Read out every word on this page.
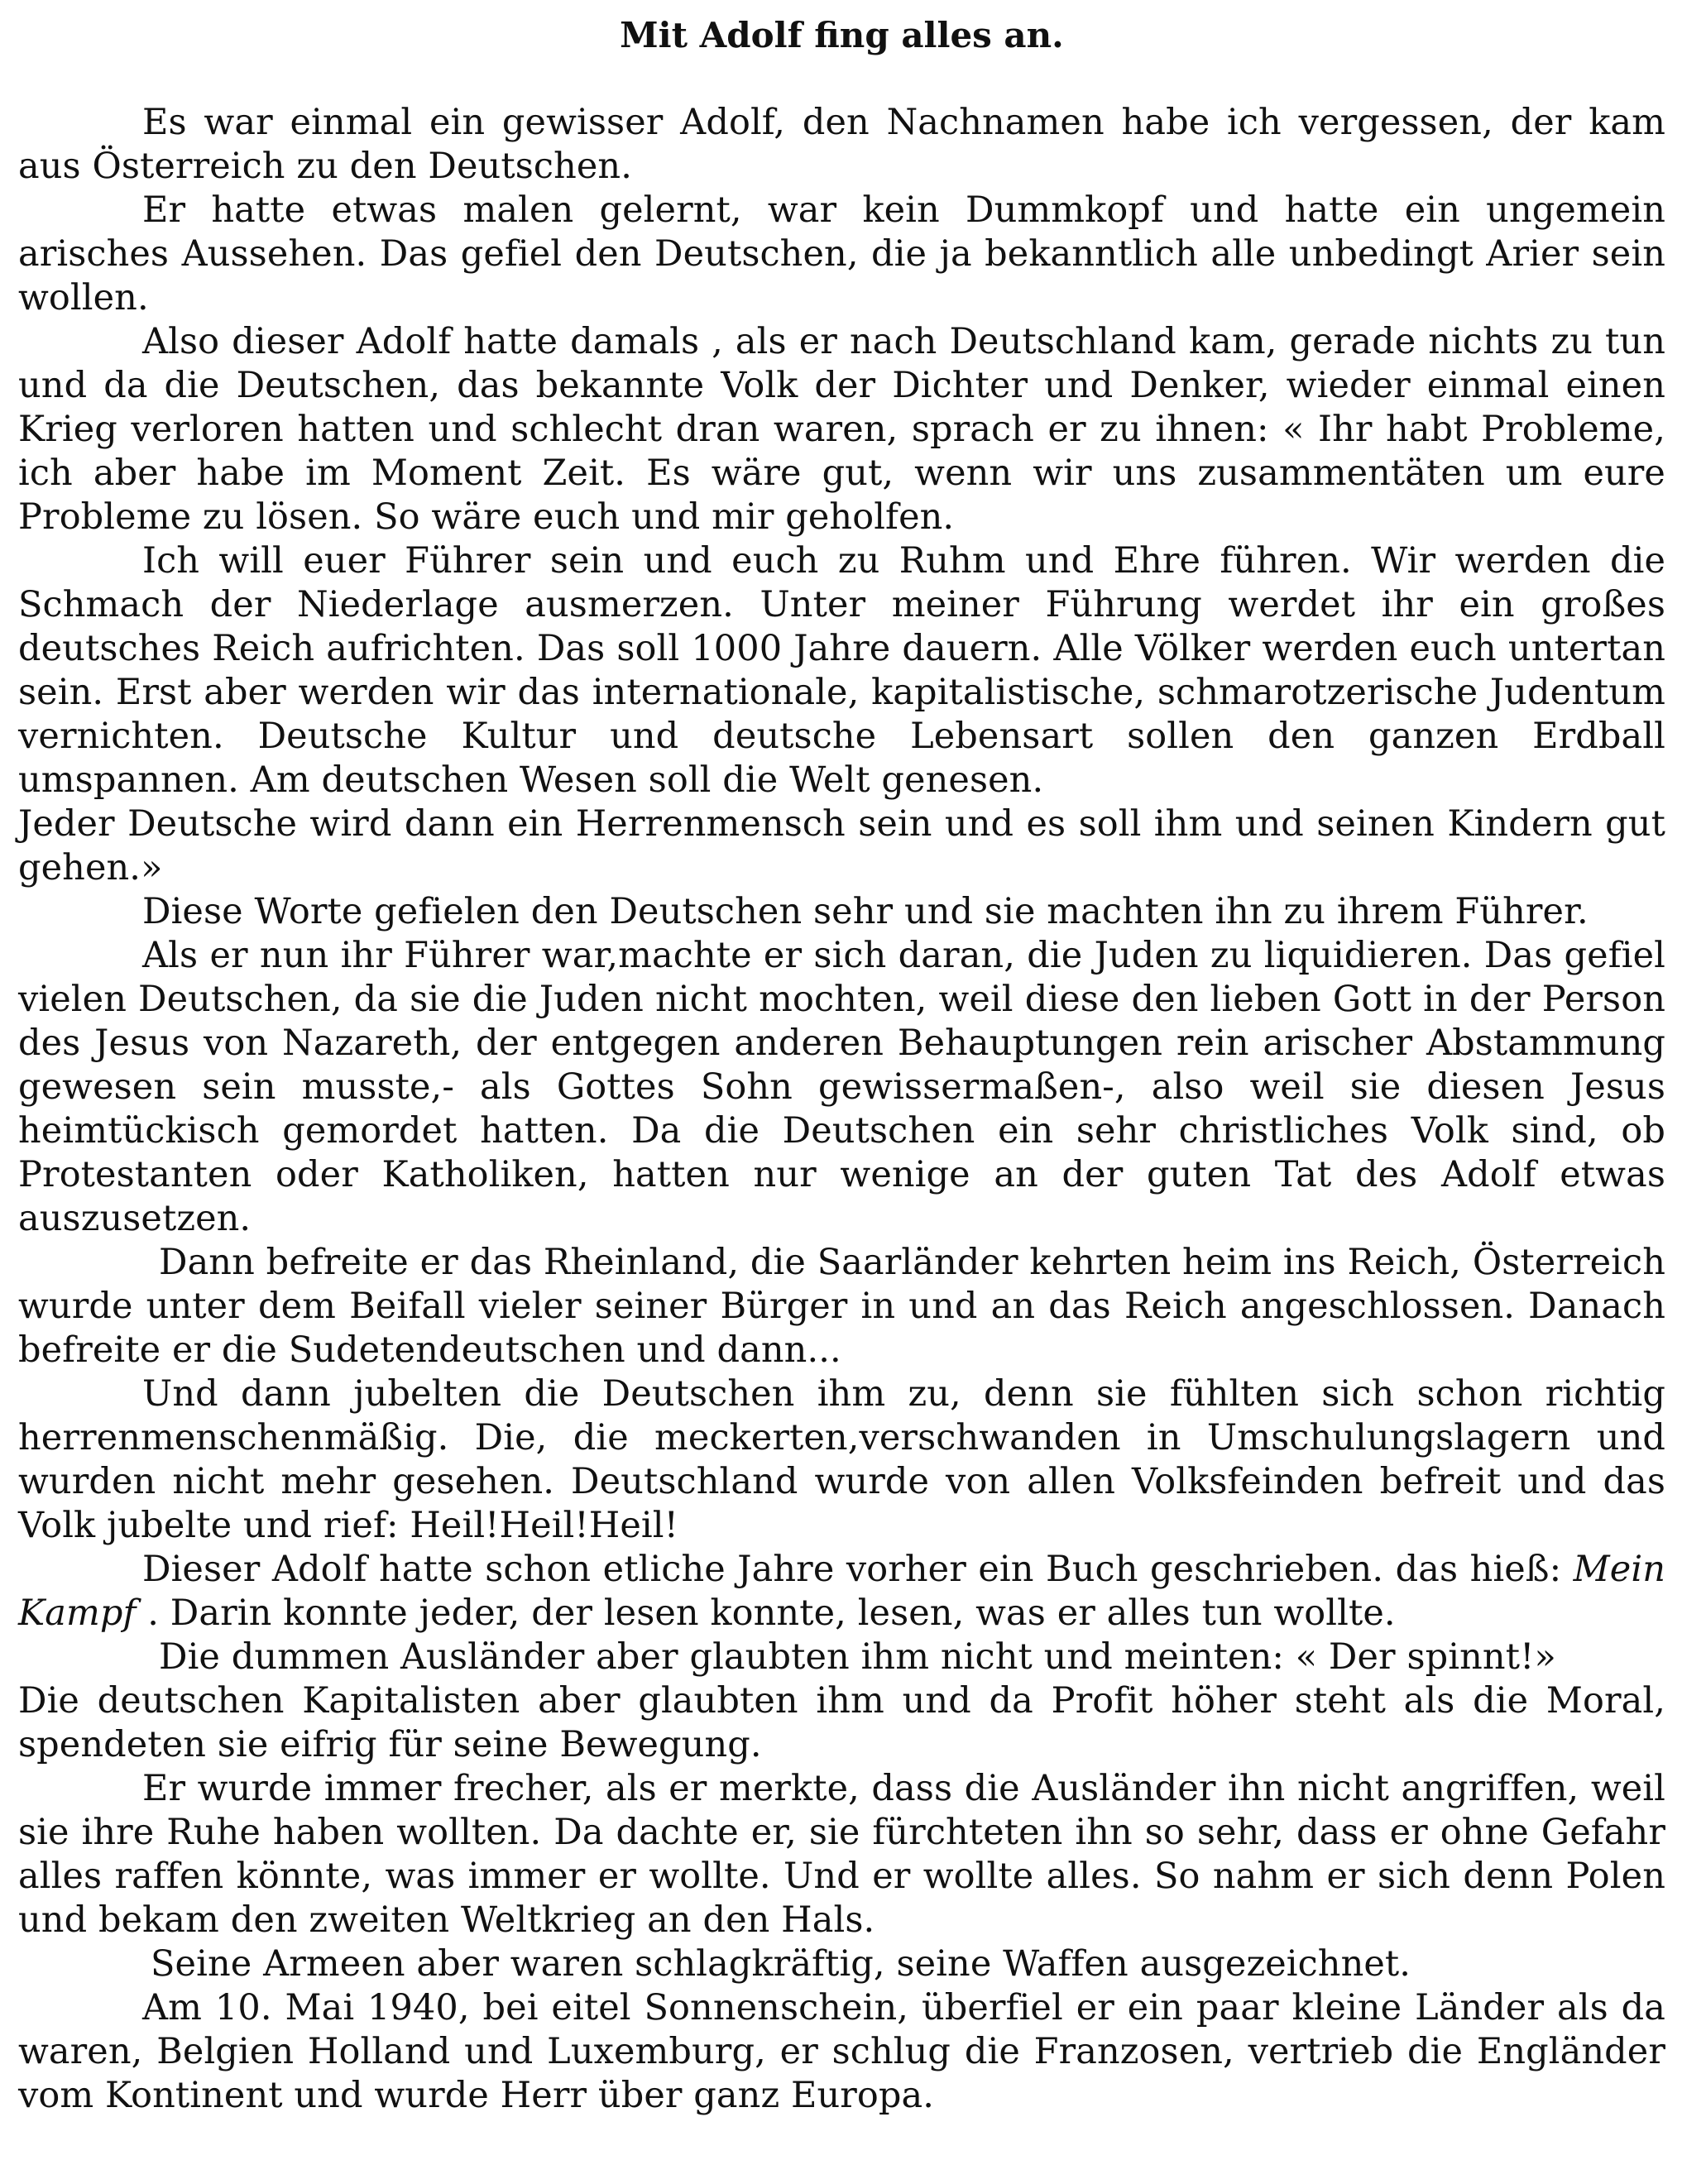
Mit Adolf fing alles an.

Es war einmal ein gewisser Adolf, den Nachnamen habe ich vergessen, der kam aus Österreich zu den Deutschen.

Er hatte etwas malen gelernt, war kein Dummkopf und hatte ein ungemein arisches Aussehen. Das gefiel den Deutschen, die ja bekanntlich alle unbedingt Arier sein wollen.

Also dieser Adolf hatte damals , als er nach Deutschland kam, gerade nichts zu tun und da die Deutschen, das bekannte Volk der Dichter und Denker, wieder einmal einen Krieg verloren hatten und schlecht dran waren, sprach er zu ihnen: « Ihr habt Probleme, ich aber habe im Moment Zeit. Es wäre gut, wenn wir uns zusammentäten um eure Probleme zu lösen. So wäre euch und mir geholfen.

Ich will euer Führer sein und euch zu Ruhm und Ehre führen. Wir werden die Schmach der Niederlage ausmerzen. Unter meiner Führung werdet ihr ein großes deutsches Reich aufrichten. Das soll 1000 Jahre dauern. Alle Völker werden euch untertan sein. Erst aber werden wir das internationale, kapitalistische, schmarotzerische Judentum vernichten. Deutsche Kultur und deutsche Lebensart sollen den ganzen Erdball umspannen. Am deutschen Wesen soll die Welt genesen.

Jeder Deutsche wird dann ein Herrenmensch sein und es soll ihm und seinen Kindern gut gehen.»

Diese Worte gefielen den Deutschen sehr und sie machten ihn zu ihrem Führer.

Als er nun ihr Führer war,machte er sich daran, die Juden zu liquidieren. Das gefiel vielen Deutschen, da sie die Juden nicht mochten, weil diese den lieben Gott in der Person des Jesus von Nazareth, der entgegen anderen Behauptungen rein arischer Abstammung gewesen sein musste,- als Gottes Sohn gewissermaßen-, also weil sie diesen Jesus heimtückisch gemordet hatten. Da die Deutschen ein sehr christliches Volk sind, ob Protestanten oder Katholiken, hatten nur wenige an der guten Tat des Adolf etwas auszusetzen.

Dann befreite er das Rheinland, die Saarländer kehrten heim ins Reich, Österreich wurde unter dem Beifall vieler seiner Bürger in und an das Reich angeschlossen. Danach befreite er die Sudetendeutschen und dann...

Und dann jubelten die Deutschen ihm zu, denn sie fühlten sich schon richtig herrenmenschenmäßig. Die, die meckerten,verschwanden in Umschulungslagern und wurden nicht mehr gesehen. Deutschland wurde von allen Volksfeinden befreit und das Volk jubelte und rief: Heil!Heil!Heil!

Dieser Adolf hatte schon etliche Jahre vorher ein Buch geschrieben. das hieß: Mein Kampf . Darin konnte jeder, der lesen konnte, lesen, was er alles tun wollte.

Die dummen Ausländer aber glaubten ihm nicht und meinten: « Der spinnt!»

Die deutschen Kapitalisten aber glaubten ihm und da Profit höher steht als die Moral, spendeten sie eifrig für seine Bewegung.

Er wurde immer frecher, als er merkte, dass die Ausländer ihn nicht angriffen, weil sie ihre Ruhe haben wollten. Da dachte er, sie fürchteten ihn so sehr, dass er ohne Gefahr alles raffen könnte, was immer er wollte. Und er wollte alles. So nahm er sich denn Polen und bekam den zweiten Weltkrieg an den Hals.

Seine Armeen aber waren schlagkräftig, seine Waffen ausgezeichnet.

Am 10. Mai 1940, bei eitel Sonnenschein, überfiel er ein paar kleine Länder als da waren, Belgien Holland und Luxemburg, er schlug die Franzosen, vertrieb die Engländer vom Kontinent und wurde Herr über ganz Europa.
